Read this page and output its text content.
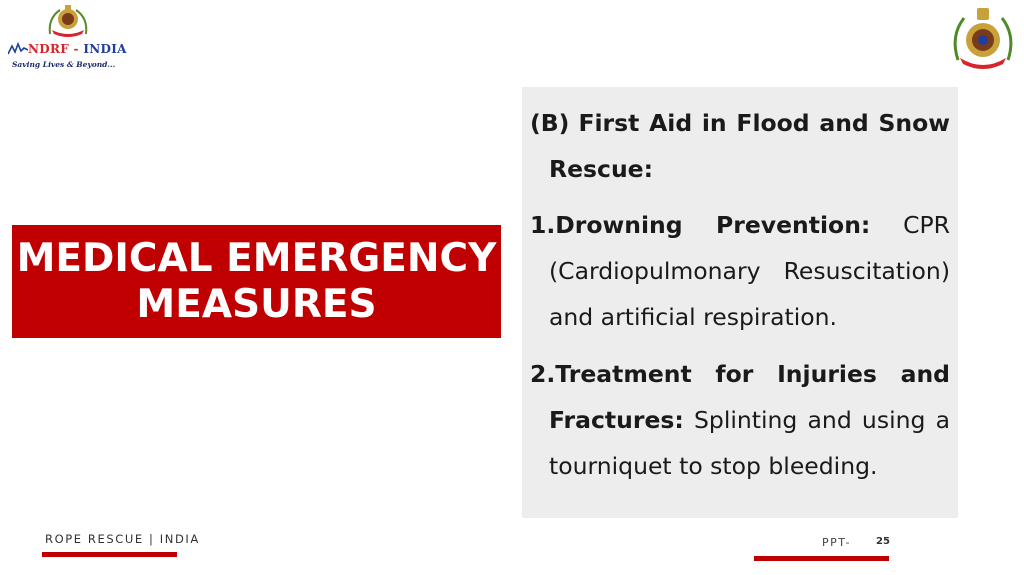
NDRF - INDIA
Saving Lives & Beyond...
MEDICAL EMERGENCY
MEASURES
(B) First Aid in Flood and Snow Rescue:
1.Drowning Prevention: CPR (Cardiopulmonary Resuscitation) and artificial respiration.
2.Treatment for Injuries and Fractures: Splinting and using a tourniquet to stop bleeding.
ROPE RESCUE | INDIA	PPT-	25
